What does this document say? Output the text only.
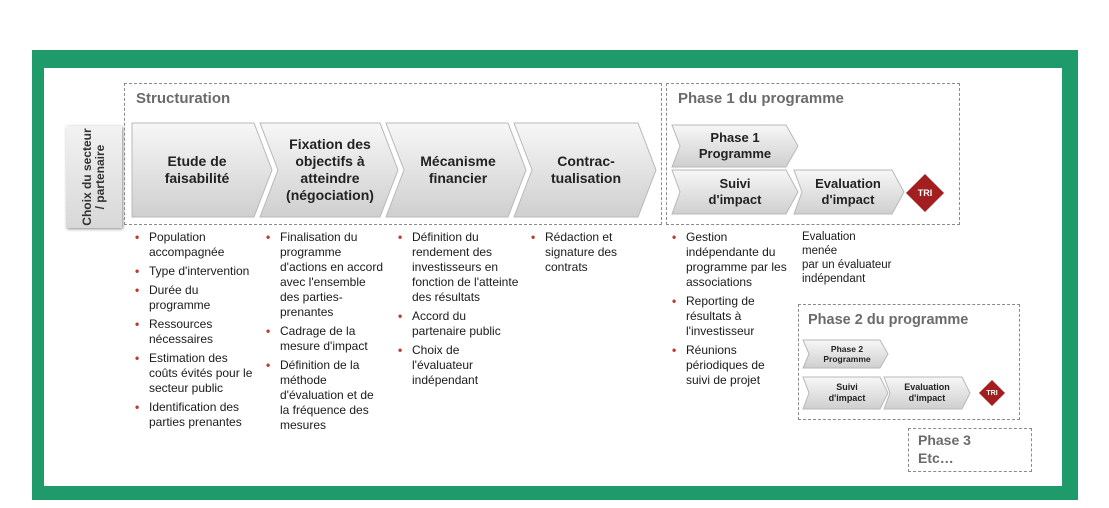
Structuration
Choix du secteur / partenaire	Etude de
faisabilité
Fixation des
objectifs à
atteindre
(négociation)
Mécanisme
financier
Contrac-
tualisation
Phase 1 du programme
Phase 1
Programme
Suivi
d'impact
Evaluation
d'impact	TRI
• Population accompagnée
• Type d'intervention
• Durée du programme
• Ressources nécessaires
• Estimation des coûts évités pour le secteur public
• Identification des parties prenantes
• Finalisation du programme d'actions en accord avec l'ensemble des parties-prenantes
• Cadrage de la mesure d'impact
• Définition de la méthode d'évaluation et de la fréquence des mesures
• Définition du rendement des investisseurs en fonction de l'atteinte des résultats
• Accord du partenaire public
• Choix de l'évaluateur indépendant
• Rédaction et signature des contrats
• Gestion indépendante du programme par les associations
• Reporting de résultats à l'investisseur
• Réunions périodiques de suivi de projet
Evaluation
menée
par un évaluateur
indépendant
Phase 2 du programme
Phase 2
Programme
Suivi
d'impact
Evaluation
d'impact	TRI
Phase 3
Etc…
